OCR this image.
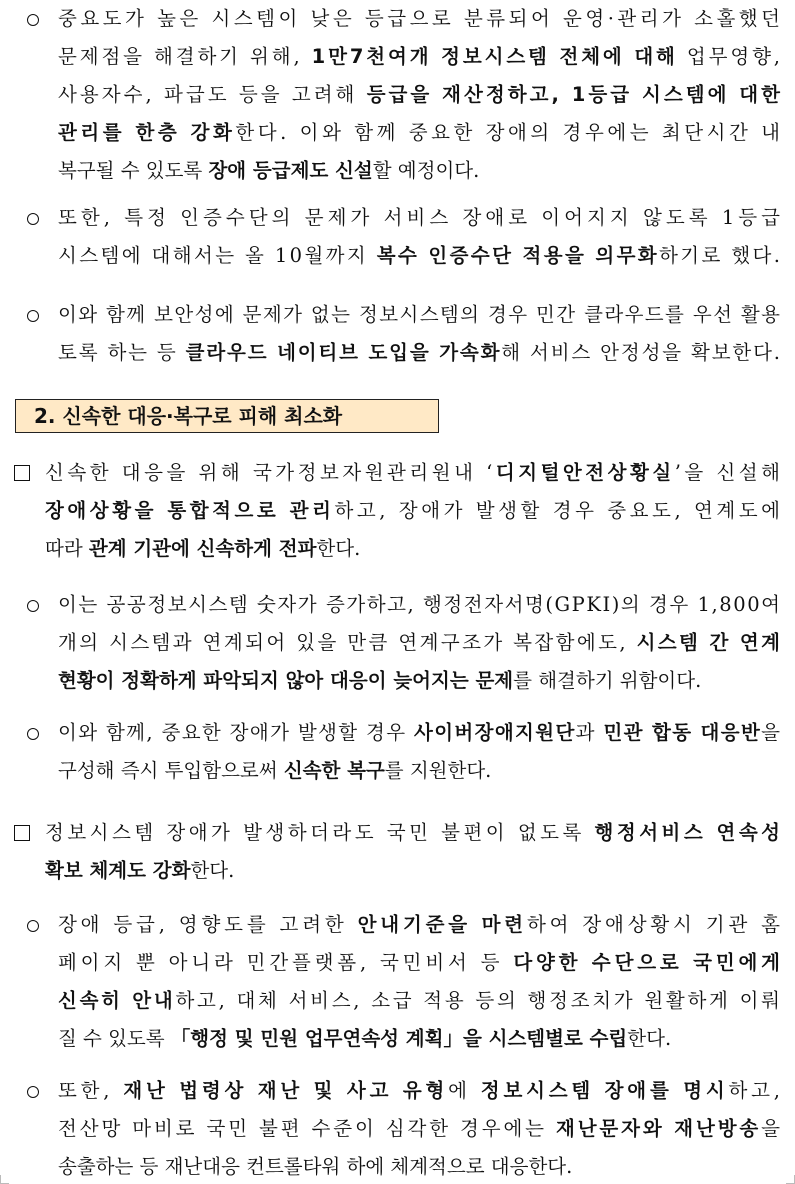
2. 신속한 대응·복구로 피해 최소화
중요도가 높은 시스템이 낮은 등급으로 분류되어 운영·관리가 소홀했던
문제점을 해결하기 위해, 1만7천여개 정보시스템 전체에 대해 업무영향,
사용자수, 파급도 등을 고려해 등급을 재산정하고, 1등급 시스템에 대한
관리를 한층 강화한다. 이와 함께 중요한 장애의 경우에는 최단시간 내
복구될 수 있도록 장애 등급제도 신설할 예정이다.
또한, 특정 인증수단의 문제가 서비스 장애로 이어지지 않도록 1등급
시스템에 대해서는 올 10월까지 복수 인증수단 적용을 의무화하기로 했다.
이와 함께 보안성에 문제가 없는 정보시스템의 경우 민간 클라우드를 우선 활용
토록 하는 등 클라우드 네이티브 도입을 가속화해 서비스 안정성을 확보한다.
신속한 대응을 위해 국가정보자원관리원내 ‘디지털안전상황실’을 신설해
장애상황을 통합적으로 관리하고, 장애가 발생할 경우 중요도, 연계도에
따라 관계 기관에 신속하게 전파한다.
이는 공공정보시스템 숫자가 증가하고, 행정전자서명(GPKI)의 경우 1,800여
개의 시스템과 연계되어 있을 만큼 연계구조가 복잡함에도, 시스템 간 연계
현황이 정확하게 파악되지 않아 대응이 늦어지는 문제를 해결하기 위함이다.
이와 함께, 중요한 장애가 발생할 경우 사이버장애지원단과 민관 합동 대응반을
구성해 즉시 투입함으로써 신속한 복구를 지원한다.
정보시스템 장애가 발생하더라도 국민 불편이 없도록 행정서비스 연속성
확보 체계도 강화한다.
장애 등급, 영향도를 고려한 안내기준을 마련하여 장애상황시 기관 홈
페이지 뿐 아니라 민간플랫폼, 국민비서 등 다양한 수단으로 국민에게
신속히 안내하고, 대체 서비스, 소급 적용 등의 행정조치가 원활하게 이뤄
질 수 있도록 「행정 및 민원 업무연속성 계획」을 시스템별로 수립한다.
또한, 재난 법령상 재난 및 사고 유형에 정보시스템 장애를 명시하고,
전산망 마비로 국민 불편 수준이 심각한 경우에는 재난문자와 재난방송을
송출하는 등 재난대응 컨트롤타워 하에 체계적으로 대응한다.
